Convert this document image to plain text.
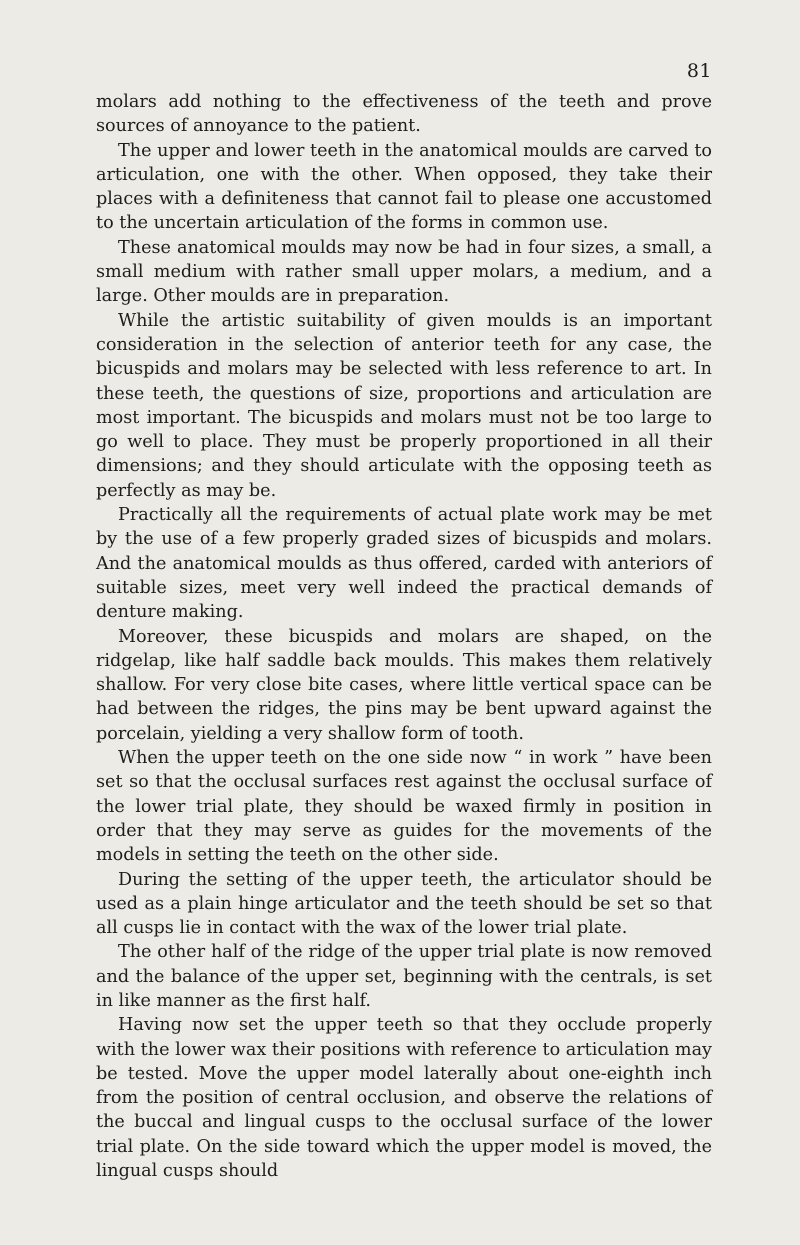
81

molars add nothing to the effectiveness of the teeth and prove sources of annoyance to the patient.

The upper and lower teeth in the anatomical moulds are carved to articulation, one with the other. When opposed, they take their places with a definiteness that cannot fail to please one accustomed to the uncertain articulation of the forms in common use.

These anatomical moulds may now be had in four sizes, a small, a small medium with rather small upper molars, a medium, and a large. Other moulds are in preparation.

While the artistic suitability of given moulds is an important consideration in the selection of anterior teeth for any case, the bicuspids and molars may be selected with less reference to art. In these teeth, the questions of size, proportions and articulation are most important. The bicuspids and molars must not be too large to go well to place. They must be properly proportioned in all their dimensions; and they should articulate with the opposing teeth as perfectly as may be.

Practically all the requirements of actual plate work may be met by the use of a few properly graded sizes of bicuspids and molars. And the anatomical moulds as thus offered, carded with anteriors of suitable sizes, meet very well indeed the practical demands of denture making.

Moreover, these bicuspids and molars are shaped, on the ridgelap, like half saddle back moulds. This makes them relatively shallow. For very close bite cases, where little vertical space can be had between the ridges, the pins may be bent upward against the porcelain, yielding a very shallow form of tooth.

When the upper teeth on the one side now “ in work ” have been set so that the occlusal surfaces rest against the occlusal surface of the lower trial plate, they should be waxed firmly in position in order that they may serve as guides for the movements of the models in setting the teeth on the other side.

During the setting of the upper teeth, the articulator should be used as a plain hinge articulator and the teeth should be set so that all cusps lie in contact with the wax of the lower trial plate.

The other half of the ridge of the upper trial plate is now removed and the balance of the upper set, beginning with the centrals, is set in like manner as the first half.

Having now set the upper teeth so that they occlude properly with the lower wax their positions with reference to articulation may be tested. Move the upper model laterally about one-eighth inch from the position of central occlusion, and observe the relations of the buccal and lingual cusps to the occlusal surface of the lower trial plate. On the side toward which the upper model is moved, the lingual cusps should
